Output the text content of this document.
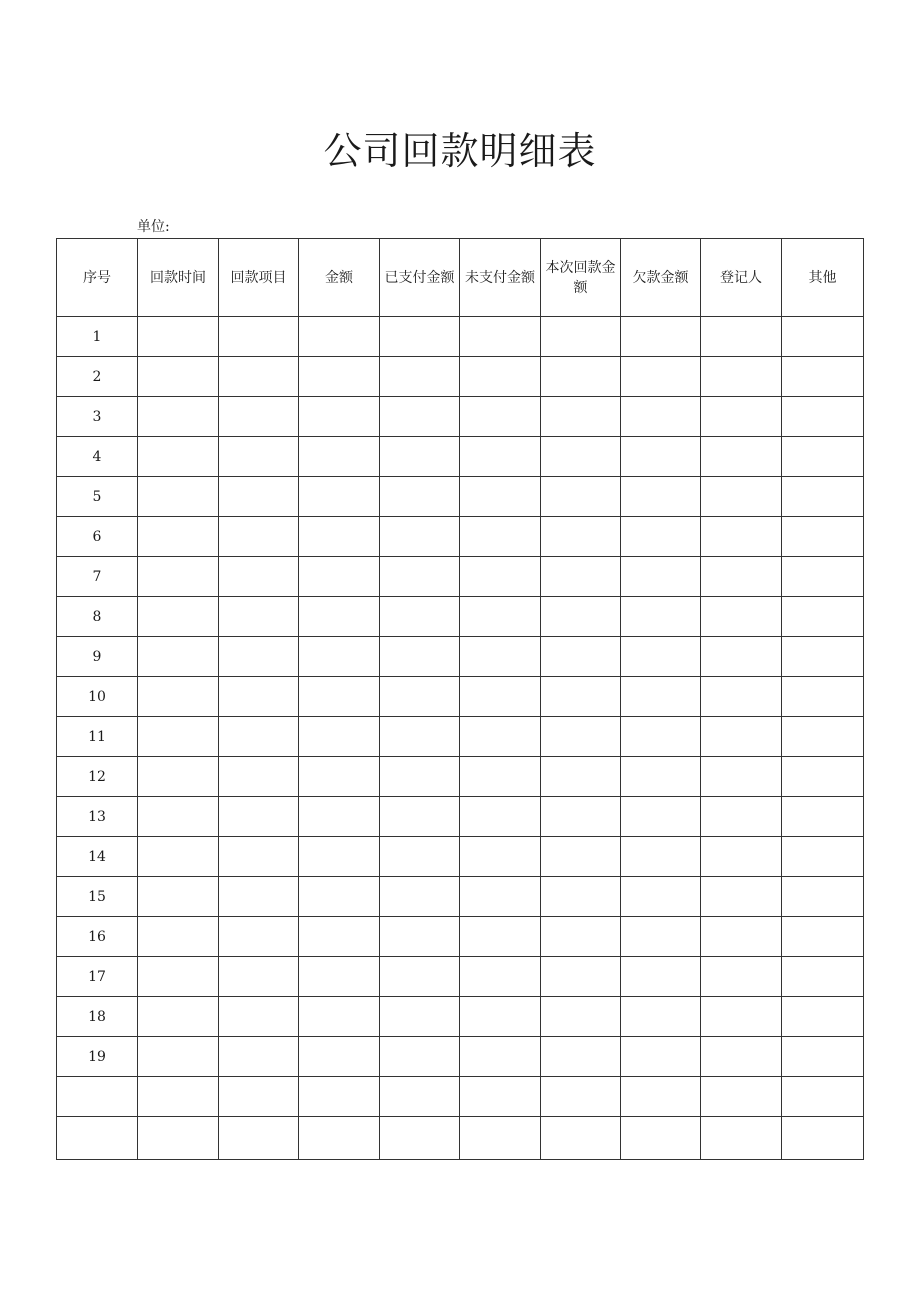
公司回款明细表
单位:
序号	回款时间	回款项目	金额	已支付金额	未支付金额	本次回款金额	欠款金额	登记人	其他
1									
2									
3									
4									
5									
6									
7									
8									
9									
10									
11									
12									
13									
14									
15									
16									
17									
18									
19									
